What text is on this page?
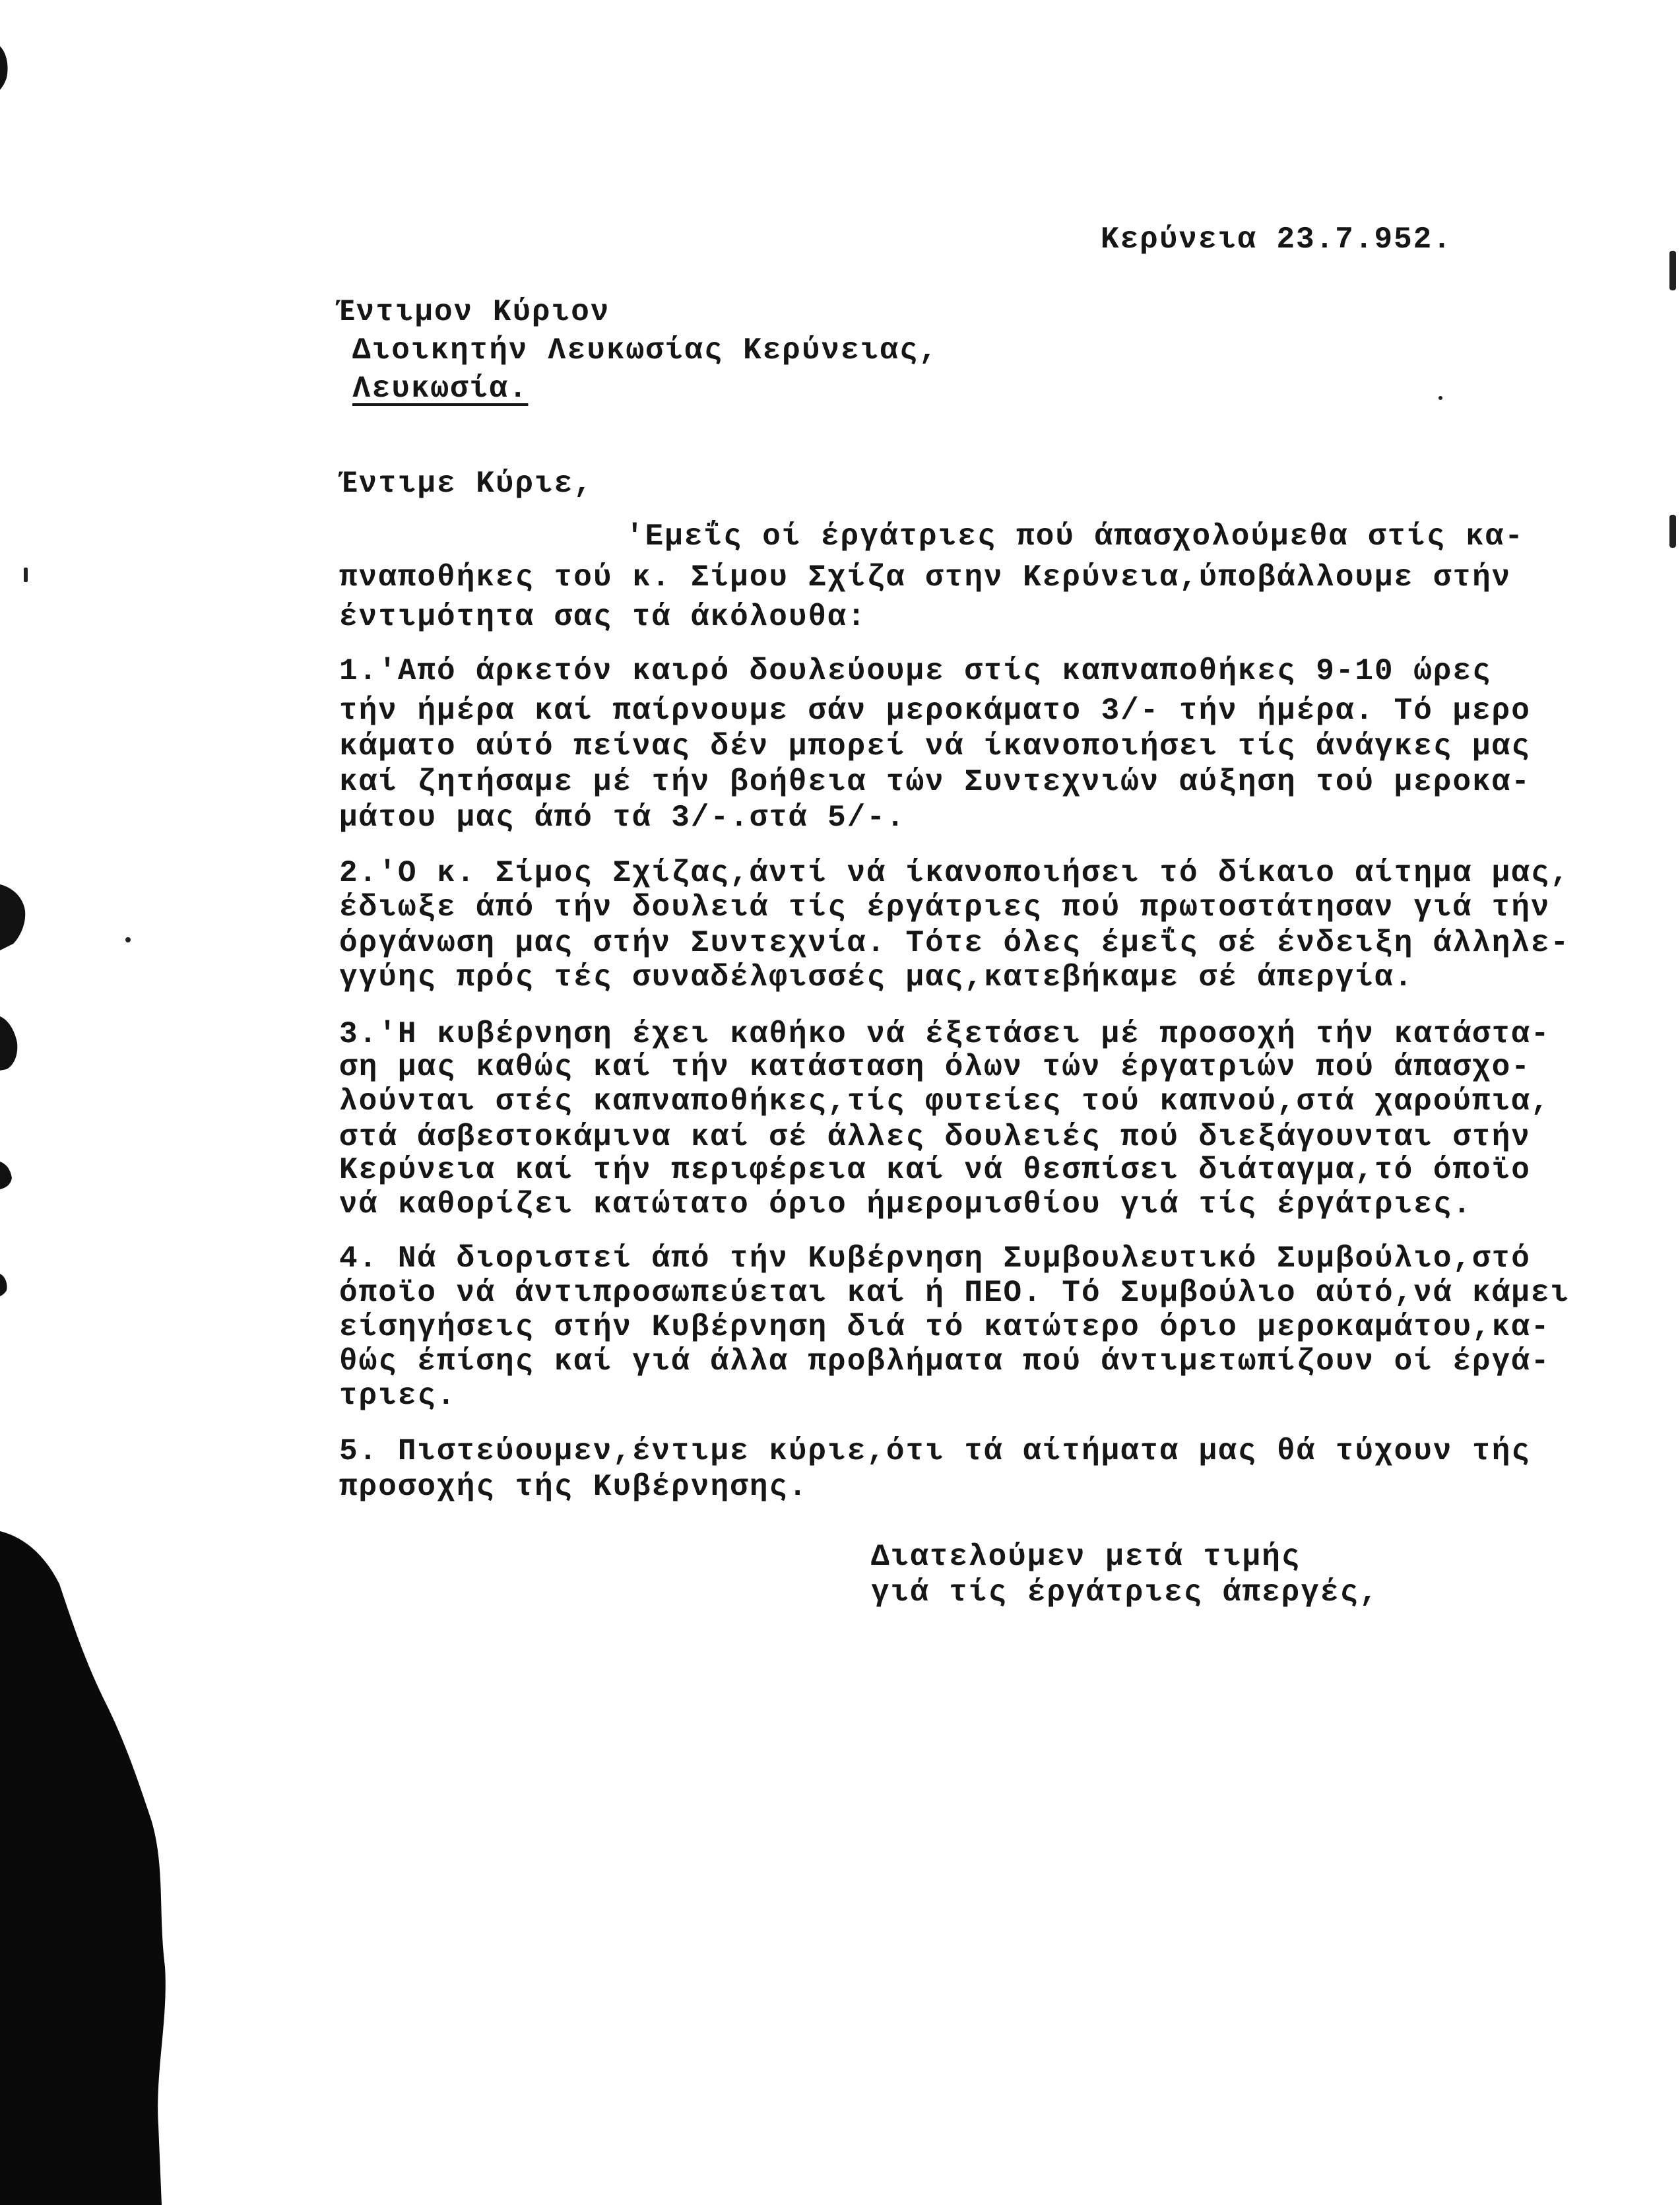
Κερύνεια 23.7.952.
Έντιμον Κύριον
Διοικητήν Λευκωσίας Κερύνειας,
Λευκωσία.
Έντιμε Κύριε,
'Εμεΐς οί έργάτριες πού άπασχολούμεθα στίς κα-
πναποθήκες τού κ. Σίμου Σχίζα στην Κερύνεια,ύποβάλλουμε στήν
έντιμότητα σας τά άκόλουθα:
1.'Από άρκετόν καιρό δουλεύουμε στίς καπναποθήκες 9-10 ώρες
τήν ήμέρα καί παίρνουμε σάν μεροκάματο 3/- τήν ήμέρα. Τό μερο
κάματο αύτό πείνας δέν μπορεί νά ίκανοποιήσει τίς άνάγκες μας
καί ζητήσαμε μέ τήν βοήθεια τών Συντεχνιών αύξηση τού μεροκα-
μάτου μας άπό τά 3/-.στά 5/-.
2.'Ο κ. Σίμος Σχίζας,άντί νά ίκανοποιήσει τό δίκαιο αίτημα μας,
έδιωξε άπό τήν δουλειά τίς έργάτριες πού πρωτοστάτησαν γιά τήν
όργάνωση μας στήν Συντεχνία. Τότε όλες έμεΐς σέ ένδειξη άλληλε-
γγύης πρός τές συναδέλφισσές μας,κατεβήκαμε σέ άπεργία.
3.'Η κυβέρνηση έχει καθήκο νά έξετάσει μέ προσοχή τήν κατάστα-
ση μας καθώς καί τήν κατάσταση όλων τών έργατριών πού άπασχο-
λούνται στές καπναποθήκες,τίς φυτείες τού καπνού,στά χαρούπια,
στά άσβεστοκάμινα καί σέ άλλες δουλειές πού διεξάγουνται στήν
Κερύνεια καί τήν περιφέρεια καί νά θεσπίσει διάταγμα,τό όποϊο
νά καθορίζει κατώτατο όριο ήμερομισθίου γιά τίς έργάτριες.
4. Νά διοριστεί άπό τήν Κυβέρνηση Συμβουλευτικό Συμβούλιο,στό
όποϊο νά άντιπροσωπεύεται καί ή ΠΕΟ. Τό Συμβούλιο αύτό,νά κάμει
είσηγήσεις στήν Κυβέρνηση διά τό κατώτερο όριο μεροκαμάτου,κα-
θώς έπίσης καί γιά άλλα προβλήματα πού άντιμετωπίζουν οί έργά-
τριες.
5. Πιστεύουμεν,έντιμε κύριε,ότι τά αίτήματα μας θά τύχουν τής
προσοχής τής Κυβέρνησης.
Διατελούμεν μετά τιμής
γιά τίς έργάτριες άπεργές,
